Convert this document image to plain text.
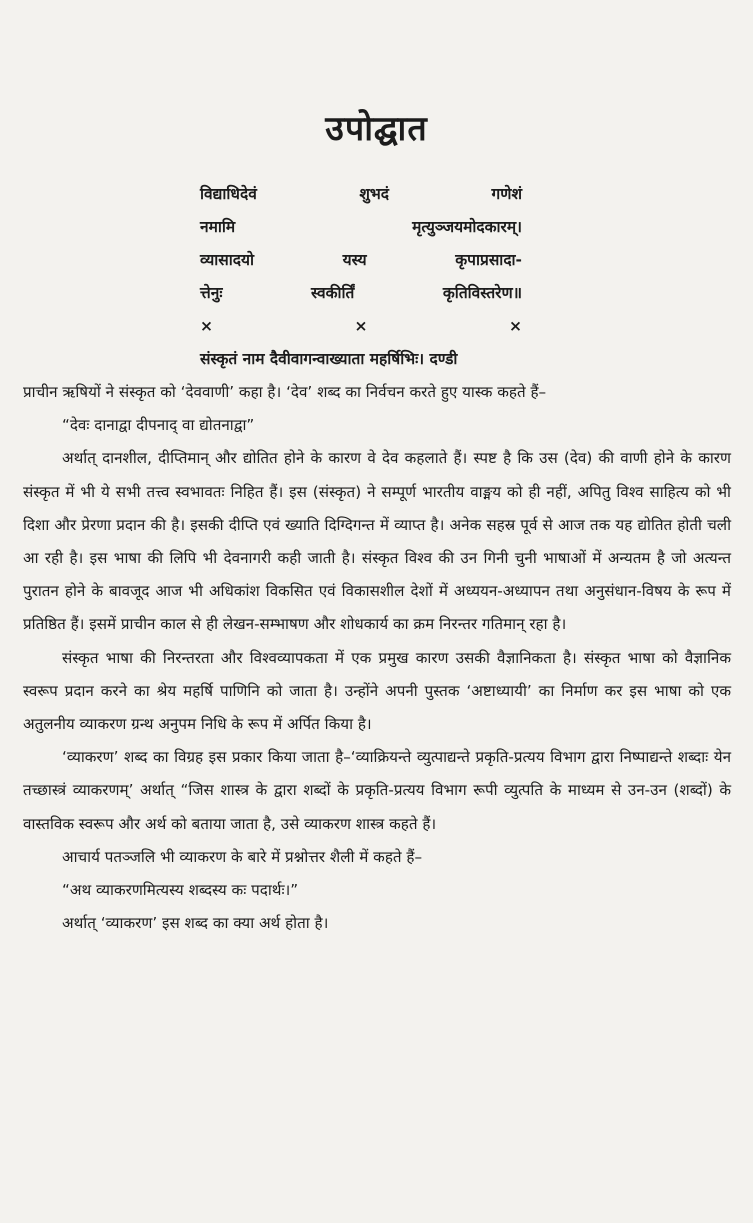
उपोद्घात
विद्याधिदेवं	शुभदं	गणेशं
नमामि	मृत्युञ्जयमोदकारम्।
व्यासादयो	यस्य	कृपाप्रसादा-
त्तेनुः	स्वकीर्तिं	कृतिविस्तरेण॥
×	×	×
संस्कृतं नाम दैवीवागन्वाख्याता महर्षिभिः। दण्डी

प्राचीन ऋषियों ने संस्कृत को ‘देववाणी’ कहा है। ‘देव’ शब्द का निर्वचन करते हुए यास्क कहते हैं–

“देवः दानाद्वा दीपनाद् वा द्योतनाद्वा”

अर्थात् दानशील, दीप्तिमान् और द्योतित होने के कारण वे देव कहलाते हैं। स्पष्ट है कि उस (देव) की वाणी होने के कारण संस्कृत में भी ये सभी तत्त्व स्वभावतः निहित हैं। इस (संस्कृत) ने सम्पूर्ण भारतीय वाङ्मय को ही नहीं, अपितु विश्व साहित्य को भी दिशा और प्रेरणा प्रदान की है। इसकी दीप्ति एवं ख्याति दिग्दिगन्त में व्याप्त है। अनेक सहस्र पूर्व से आज तक यह द्योतित होती चली आ रही है। इस भाषा की लिपि भी देवनागरी कही जाती है। संस्कृत विश्व की उन गिनी चुनी भाषाओं में अन्यतम है जो अत्यन्त पुरातन होने के बावजूद आज भी अधिकांश विकसित एवं विकासशील देशों में अध्ययन-अध्यापन तथा अनुसंधान-विषय के रूप में प्रतिष्ठित हैं। इसमें प्राचीन काल से ही लेखन-सम्भाषण और शोधकार्य का क्रम निरन्तर गतिमान् रहा है।

संस्कृत भाषा की निरन्तरता और विश्वव्यापकता में एक प्रमुख कारण उसकी वैज्ञानिकता है। संस्कृत भाषा को वैज्ञानिक स्वरूप प्रदान करने का श्रेय महर्षि पाणिनि को जाता है। उन्होंने अपनी पुस्तक ‘अष्टाध्यायी’ का निर्माण कर इस भाषा को एक अतुलनीय व्याकरण ग्रन्थ अनुपम निधि के रूप में अर्पित किया है।

‘व्याकरण’ शब्द का विग्रह इस प्रकार किया जाता है–‘व्याक्रियन्ते व्युत्पाद्यन्ते प्रकृति-प्रत्यय विभाग द्वारा निष्पाद्यन्ते शब्दाः येन तच्छास्त्रं व्याकरणम्’ अर्थात् “जिस शास्त्र के द्वारा शब्दों के प्रकृति-प्रत्यय विभाग रूपी व्युत्पति के माध्यम से उन-उन (शब्दों) के वास्तविक स्वरूप और अर्थ को बताया जाता है, उसे व्याकरण शास्त्र कहते हैं।

आचार्य पतञ्जलि भी व्याकरण के बारे में प्रश्नोत्तर शैली में कहते हैं–

“अथ व्याकरणमित्यस्य शब्दस्य कः पदार्थः।”

अर्थात् ‘व्याकरण’ इस शब्द का क्या अर्थ होता है।
